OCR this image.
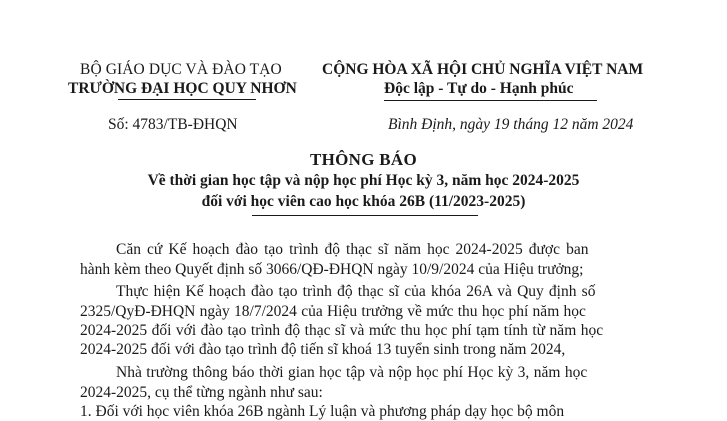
BỘ GIÁO DỤC VÀ ĐÀO TẠO
TRƯỜNG ĐẠI HỌC QUY NHƠN
CỘNG HÒA XÃ HỘI CHỦ NGHĨA VIỆT NAM
Độc lập - Tự do - Hạnh phúc
Số: 4783/TB-ĐHQN	Bình Định, ngày 19 tháng 12 năm 2024
THÔNG BÁO
Về thời gian học tập và nộp học phí Học kỳ 3, năm học 2024-2025
đối với học viên cao học khóa 26B (11/2023-2025)
Căn cứ Kế hoạch đào tạo trình độ thạc sĩ năm học 2024-2025 được ban
hành kèm theo Quyết định số 3066/QĐ-ĐHQN ngày 10/9/2024 của Hiệu trưởng;
Thực hiện Kế hoạch đào tạo trình độ thạc sĩ của khóa 26A và Quy định số
2325/QyĐ-ĐHQN ngày 18/7/2024 của Hiệu trưởng về mức thu học phí năm học
2024-2025 đối với đào tạo trình độ thạc sĩ và mức thu học phí tạm tính từ năm học
2024-2025 đối với đào tạo trình độ tiến sĩ khoá 13 tuyển sinh trong năm 2024,
Nhà trường thông báo thời gian học tập và nộp học phí Học kỳ 3, năm học
2024-2025, cụ thể từng ngành như sau:
1. Đối với học viên khóa 26B ngành Lý luận và phương pháp dạy học bộ môn
